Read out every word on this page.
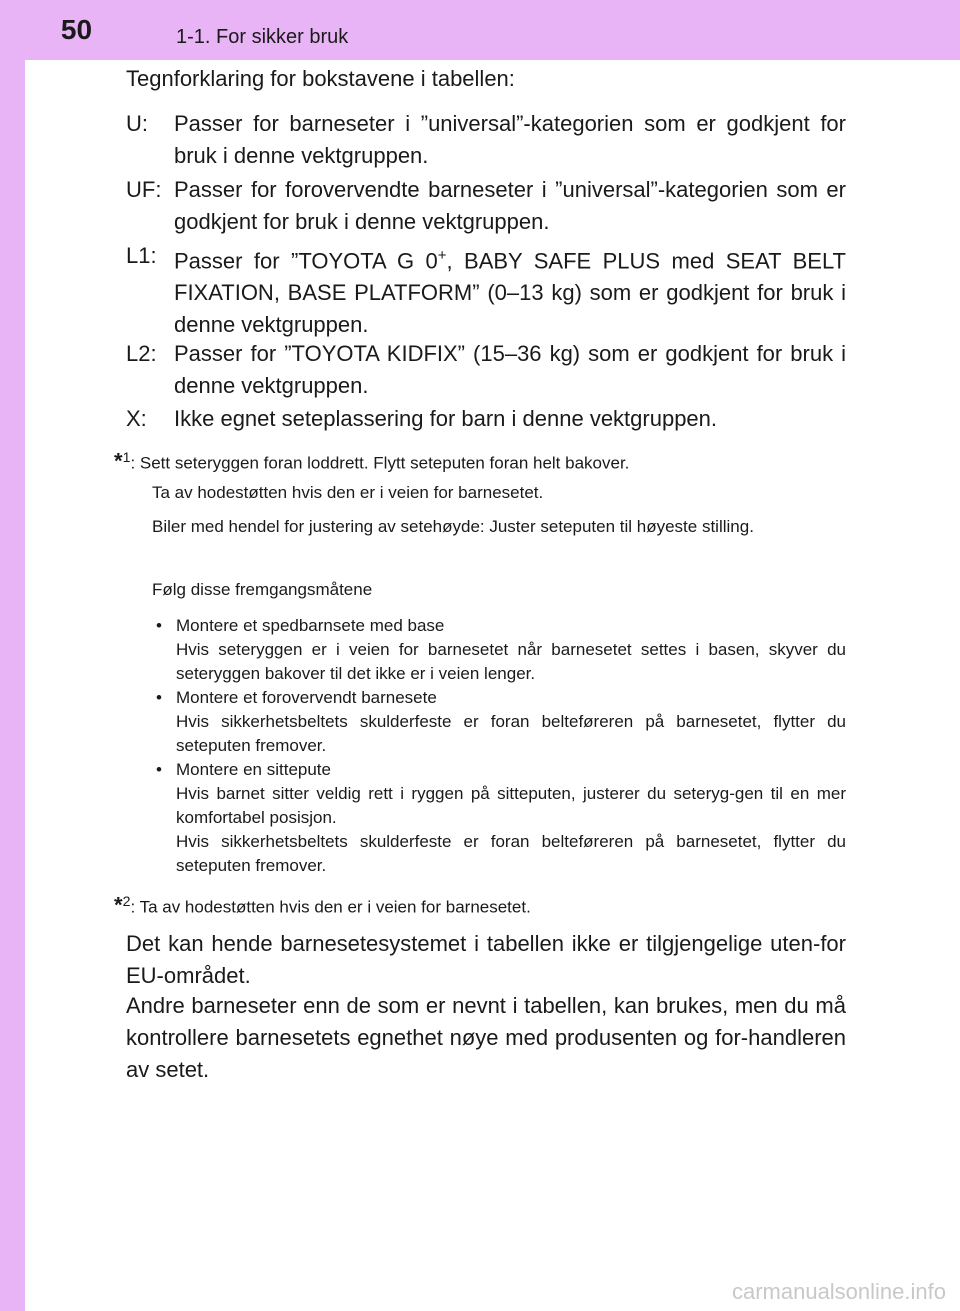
50	1-1. For sikker bruk
Tegnforklaring for bokstavene i tabellen:
U:	Passer for barneseter i ”universal”-kategorien som er godkjent for bruk i denne vektgruppen.
UF: Passer for forovervendte barneseter i ”universal”-kategorien som er godkjent for bruk i denne vektgruppen.
L1: Passer for ”TOYOTA G 0+, BABY SAFE PLUS med SEAT BELT FIXATION, BASE PLATFORM” (0–13 kg) som er godkjent for bruk i denne vektgruppen.
L2: Passer for ”TOYOTA KIDFIX” (15–36 kg) som er godkjent for bruk i denne vektgruppen.
X:	Ikke egnet seteplassering for barn i denne vektgruppen.
*$^1$: Sett seteryggen foran loddrett. Flytt seteputen foran helt bakover.
Ta av hodestøtten hvis den er i veien for barnesetet.
Biler med hendel for justering av setehøyde: Juster seteputen til høyeste stilling.
Følg disse fremgangsmåtene
• Montere et spedbarnsete med base
Hvis seteryggen er i veien for barnesetet når barnesetet settes i basen, skyver du seteryggen bakover til det ikke er i veien lenger.
• Montere et forovervendt barnesete
Hvis sikkerhetsbeltets skulderfeste er foran belteføreren på barnesetet, flytter du seteputen fremover.
• Montere en sittepute
Hvis barnet sitter veldig rett i ryggen på sitteputen, justerer du seteryg-gen til en mer komfortabel posisjon.
Hvis sikkerhetsbeltets skulderfeste er foran belteføreren på barnesetet, flytter du seteputen fremover.
*$^2$: Ta av hodestøtten hvis den er i veien for barnesetet.
Det kan hende barnesetesystemet i tabellen ikke er tilgjengelige uten-for EU-området.
Andre barneseter enn de som er nevnt i tabellen, kan brukes, men du må kontrollere barnesetets egnethet nøye med produsenten og for-handleren av setet.
carmanualsonline.info
